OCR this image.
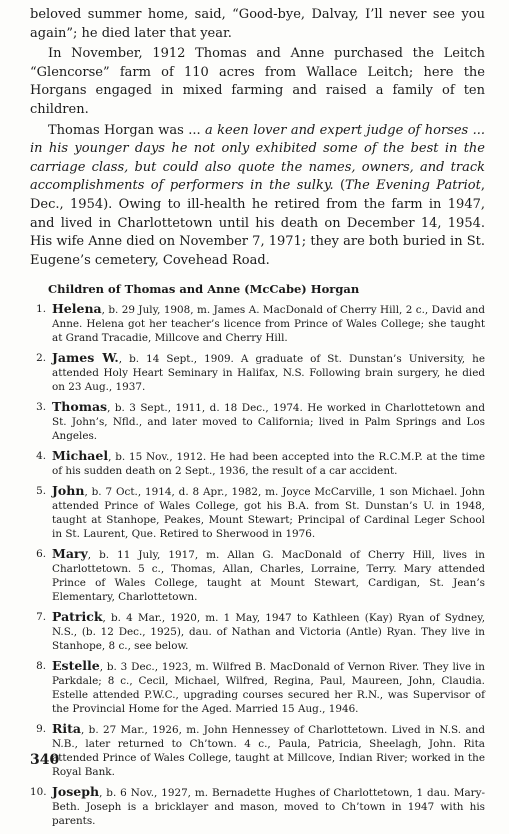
beloved summer home, said, “Good-bye, Dalvay, I’ll never see you again”; he died later that year.

In November, 1912 Thomas and Anne purchased the Leitch “Glencorse” farm of 110 acres from Wallace Leitch; here the Horgans engaged in mixed farming and raised a family of ten children.

Thomas Horgan was ... a keen lover and expert judge of horses ... in his younger days he not only exhibited some of the best in the carriage class, but could also quote the names, owners, and track accomplishments of performers in the sulky. (The Evening Patriot, Dec., 1954). Owing to ill-health he retired from the farm in 1947, and lived in Charlottetown until his death on December 14, 1954. His wife Anne died on November 7, 1971; they are both buried in St. Eugene’s cemetery, Covehead Road.

Children of Thomas and Anne (McCabe) Horgan
1. Helena, b. 29 July, 1908, m. James A. MacDonald of Cherry Hill, 2 c., David and Anne. Helena got her teacher’s licence from Prince of Wales College; she taught at Grand Tracadie, Millcove and Cherry Hill.
2. James W., b. 14 Sept., 1909. A graduate of St. Dunstan’s University, he attended Holy Heart Seminary in Halifax, N.S. Following brain surgery, he died on 23 Aug., 1937.
3. Thomas, b. 3 Sept., 1911, d. 18 Dec., 1974. He worked in Charlottetown and St. John’s, Nfld., and later moved to California; lived in Palm Springs and Los Angeles.
4. Michael, b. 15 Nov., 1912. He had been accepted into the R.C.M.P. at the time of his sudden death on 2 Sept., 1936, the result of a car accident.
5. John, b. 7 Oct., 1914, d. 8 Apr., 1982, m. Joyce McCarville, 1 son Michael. John attended Prince of Wales College, got his B.A. from St. Dunstan’s U. in 1948, taught at Stanhope, Peakes, Mount Stewart; Principal of Cardinal Leger School in St. Laurent, Que. Retired to Sherwood in 1976.
6. Mary, b. 11 July, 1917, m. Allan G. MacDonald of Cherry Hill, lives in Charlottetown. 5 c., Thomas, Allan, Charles, Lorraine, Terry. Mary attended Prince of Wales College, taught at Mount Stewart, Cardigan, St. Jean’s Elementary, Charlottetown.
7. Patrick, b. 4 Mar., 1920, m. 1 May, 1947 to Kathleen (Kay) Ryan of Sydney, N.S., (b. 12 Dec., 1925), dau. of Nathan and Victoria (Antle) Ryan. They live in Stanhope, 8 c., see below.
8. Estelle, b. 3 Dec., 1923, m. Wilfred B. MacDonald of Vernon River. They live in Parkdale; 8 c., Cecil, Michael, Wilfred, Regina, Paul, Maureen, John, Claudia. Estelle attended P.W.C., upgrading courses secured her R.N., was Supervisor of the Provincial Home for the Aged. Married 15 Aug., 1946.
9. Rita, b. 27 Mar., 1926, m. John Hennessey of Charlottetown. Lived in N.S. and N.B., later returned to Ch’town. 4 c., Paula, Patricia, Sheelagh, John. Rita attended Prince of Wales College, taught at Millcove, Indian River; worked in the Royal Bank.
10. Joseph, b. 6 Nov., 1927, m. Bernadette Hughes of Charlottetown, 1 dau. Mary-Beth. Joseph is a bricklayer and mason, moved to Ch’town in 1947 with his parents.
340
